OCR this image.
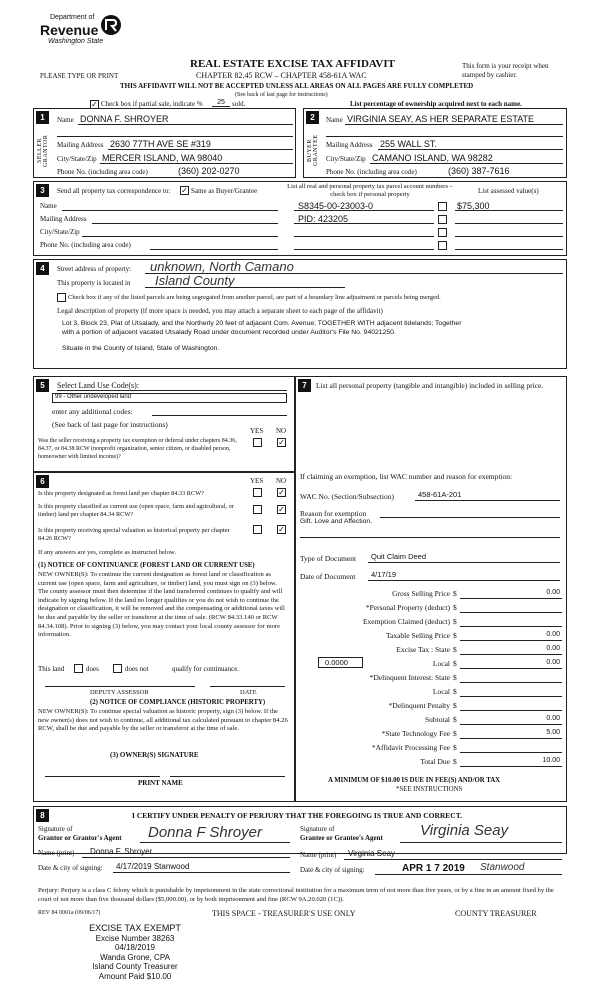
Department of
Revenue
Washington State
PLEASE TYPE OR PRINT
REAL ESTATE EXCISE TAX AFFIDAVIT
CHAPTER 82.45 RCW – CHAPTER 458-61A WAC
This form is your receipt when stamped by cashier.
THIS AFFIDAVIT WILL NOT BE ACCEPTED UNLESS ALL AREAS ON ALL PAGES ARE FULLY COMPLETED
(See back of last page for instructions)
✓ Check box if partial sale, indicate %	25	sold.	List percentage of ownership acquired next to each name.
1
SELLER GRANTOR
Name DONNA F. SHROYER
Mailing Address 2630 77TH AVE SE #319
City/State/Zip MERCER ISLAND, WA 98040
Phone No. (including area code)	(360) 202-0270
2
BUYER GRANTEE
Name VIRGINIA SEAY, AS HER SEPARATE ESTATE
Mailing Address 255 WALL ST.
City/State/Zip CAMANO ISLAND, WA 98282
Phone No. (including area code)	(360) 387-7616
3	Send all property tax correspondence to: ✓ Same as Buyer/Grantee
Name
Mailing Address
City/State/Zip
Phone No. (including area code)
List all real and personal property tax parcel account numbers – check box if personal property	List assessed value(s)
S8345-00-23003-0	$75,300
PID: 423205
4	Street address of property: unknown, North Camano
This property is located in Island County
Check box if any of the listed parcels are being segregated from another parcel, are part of a boundary line adjustment or parcels being merged.
Legal description of property (if more space is needed, you may attach a separate sheet to each page of the affidavit)
Lot 3, Block 23, Plat of Utsalady, and the Northerly 20 feet of adjacent Com. Avenue; TOGETHER WITH adjacent tidelands; Together
with a portion of adjacent vacated Utsalady Road under document recorded under Auditor's File No. 94021250.
Situate in the County of Island, State of Washington.
5	Select Land Use Code(s):
99 - Other undeveloped land
enter any additional codes:
(See back of last page for instructions)
YES NO
Was the seller receiving a property tax exemption or deferral under chapters 84.36, 84.37, or 84.38 RCW (nonprofit organization, senior citizen, or disabled person, homeowner with limited income)?
✓
6	YES NO
Is this property designated as forest land per chapter 84.33 RCW?	✓
Is this property classified as current use (open space, farm and agricultural, or timber) land per chapter 84.34 RCW?
✓
Is this property receiving special valuation as historical property per chapter 84.26 RCW?
✓
If any answers are yes, complete as instructed below.
(1) NOTICE OF CONTINUANCE (FOREST LAND OR CURRENT USE)
NEW OWNER(S): To continue the current designation as forest land or classification as current use (open space, farm and agriculture, or timber) land, you must sign on (3) below. The county assessor must then determine if the land transferred continues to qualify and will indicate by signing below. If the land no longer qualifies or you do not wish to continue the designation or classification, it will be removed and the compensating or additional taxes will be due and payable by the seller or transferor at the time of sale. (RCW 84.33.140 or RCW 84.34.108). Prior to signing (3) below, you may contact your local county assessor for more information.
This land	does	does not	qualify for continuance.
DEPUTY ASSESSOR	DATE
(2) NOTICE OF COMPLIANCE (HISTORIC PROPERTY)
NEW OWNER(S): To continue special valuation as historic property, sign (3) below. If the new owner(s) does not wish to continue, all additional tax calculated pursuant to chapter 84.26 RCW, shall be due and payable by the seller or transferor at the time of sale.
(3) OWNER(S) SIGNATURE
PRINT NAME
7	List all personal property (tangible and intangible) included in selling price.
If claiming an exemption, list WAC number and reason for exemption:
WAC No. (Section/Subsection)	458-61A-201
Reason for exemption
Gift. Love and Affection.
Type of Document Quit Claim Deed
Date of Document 4/17/19
Gross Selling Price $	0.00
*Personal Property (deduct) $
Exemption Claimed (deduct) $
Taxable Selling Price $	0.00
Excise Tax : State $	0.00
0.0000	Local $	0.00
*Delinquent Interest: State $
Local $
*Delinquent Penalty $
Subtotal $	0.00
*State Technology Fee $	5.00
*Affidavit Processing Fee $
Total Due $	10.00
A MINIMUM OF $10.00 IS DUE IN FEE(S) AND/OR TAX
*SEE INSTRUCTIONS
8	I CERTIFY UNDER PENALTY OF PERJURY THAT THE FOREGOING IS TRUE AND CORRECT.
Signature of
Grantor or Grantor's Agent Donna F Shroyer
Name (print) Donna F. Shroyer
Date & city of signing: 4/17/2019 Stanwood
Signature of
Grantee or Grantee's Agent Virginia Seay
Name (print) Virginia Seay
Date & city of signing:	APR 1 7 2019 Stanwood
Perjury: Perjury is a class C felony which is punishable by imprisonment in the state correctional institution for a maximum term of not more than five years, or by a fine in an amount fixed by the court of not more than five thousand dollars ($5,000.00), or by both imprisonment and fine (RCW 9A.20.020 (1C)).
REV 84 0001a (09/06/17)	THIS SPACE - TREASURER'S USE ONLY	COUNTY TREASURER
EXCISE TAX EXEMPT
Excise Number 38263
04/18/2019
Wanda Grone, CPA
Island County Treasurer
Amount Paid $10.00
